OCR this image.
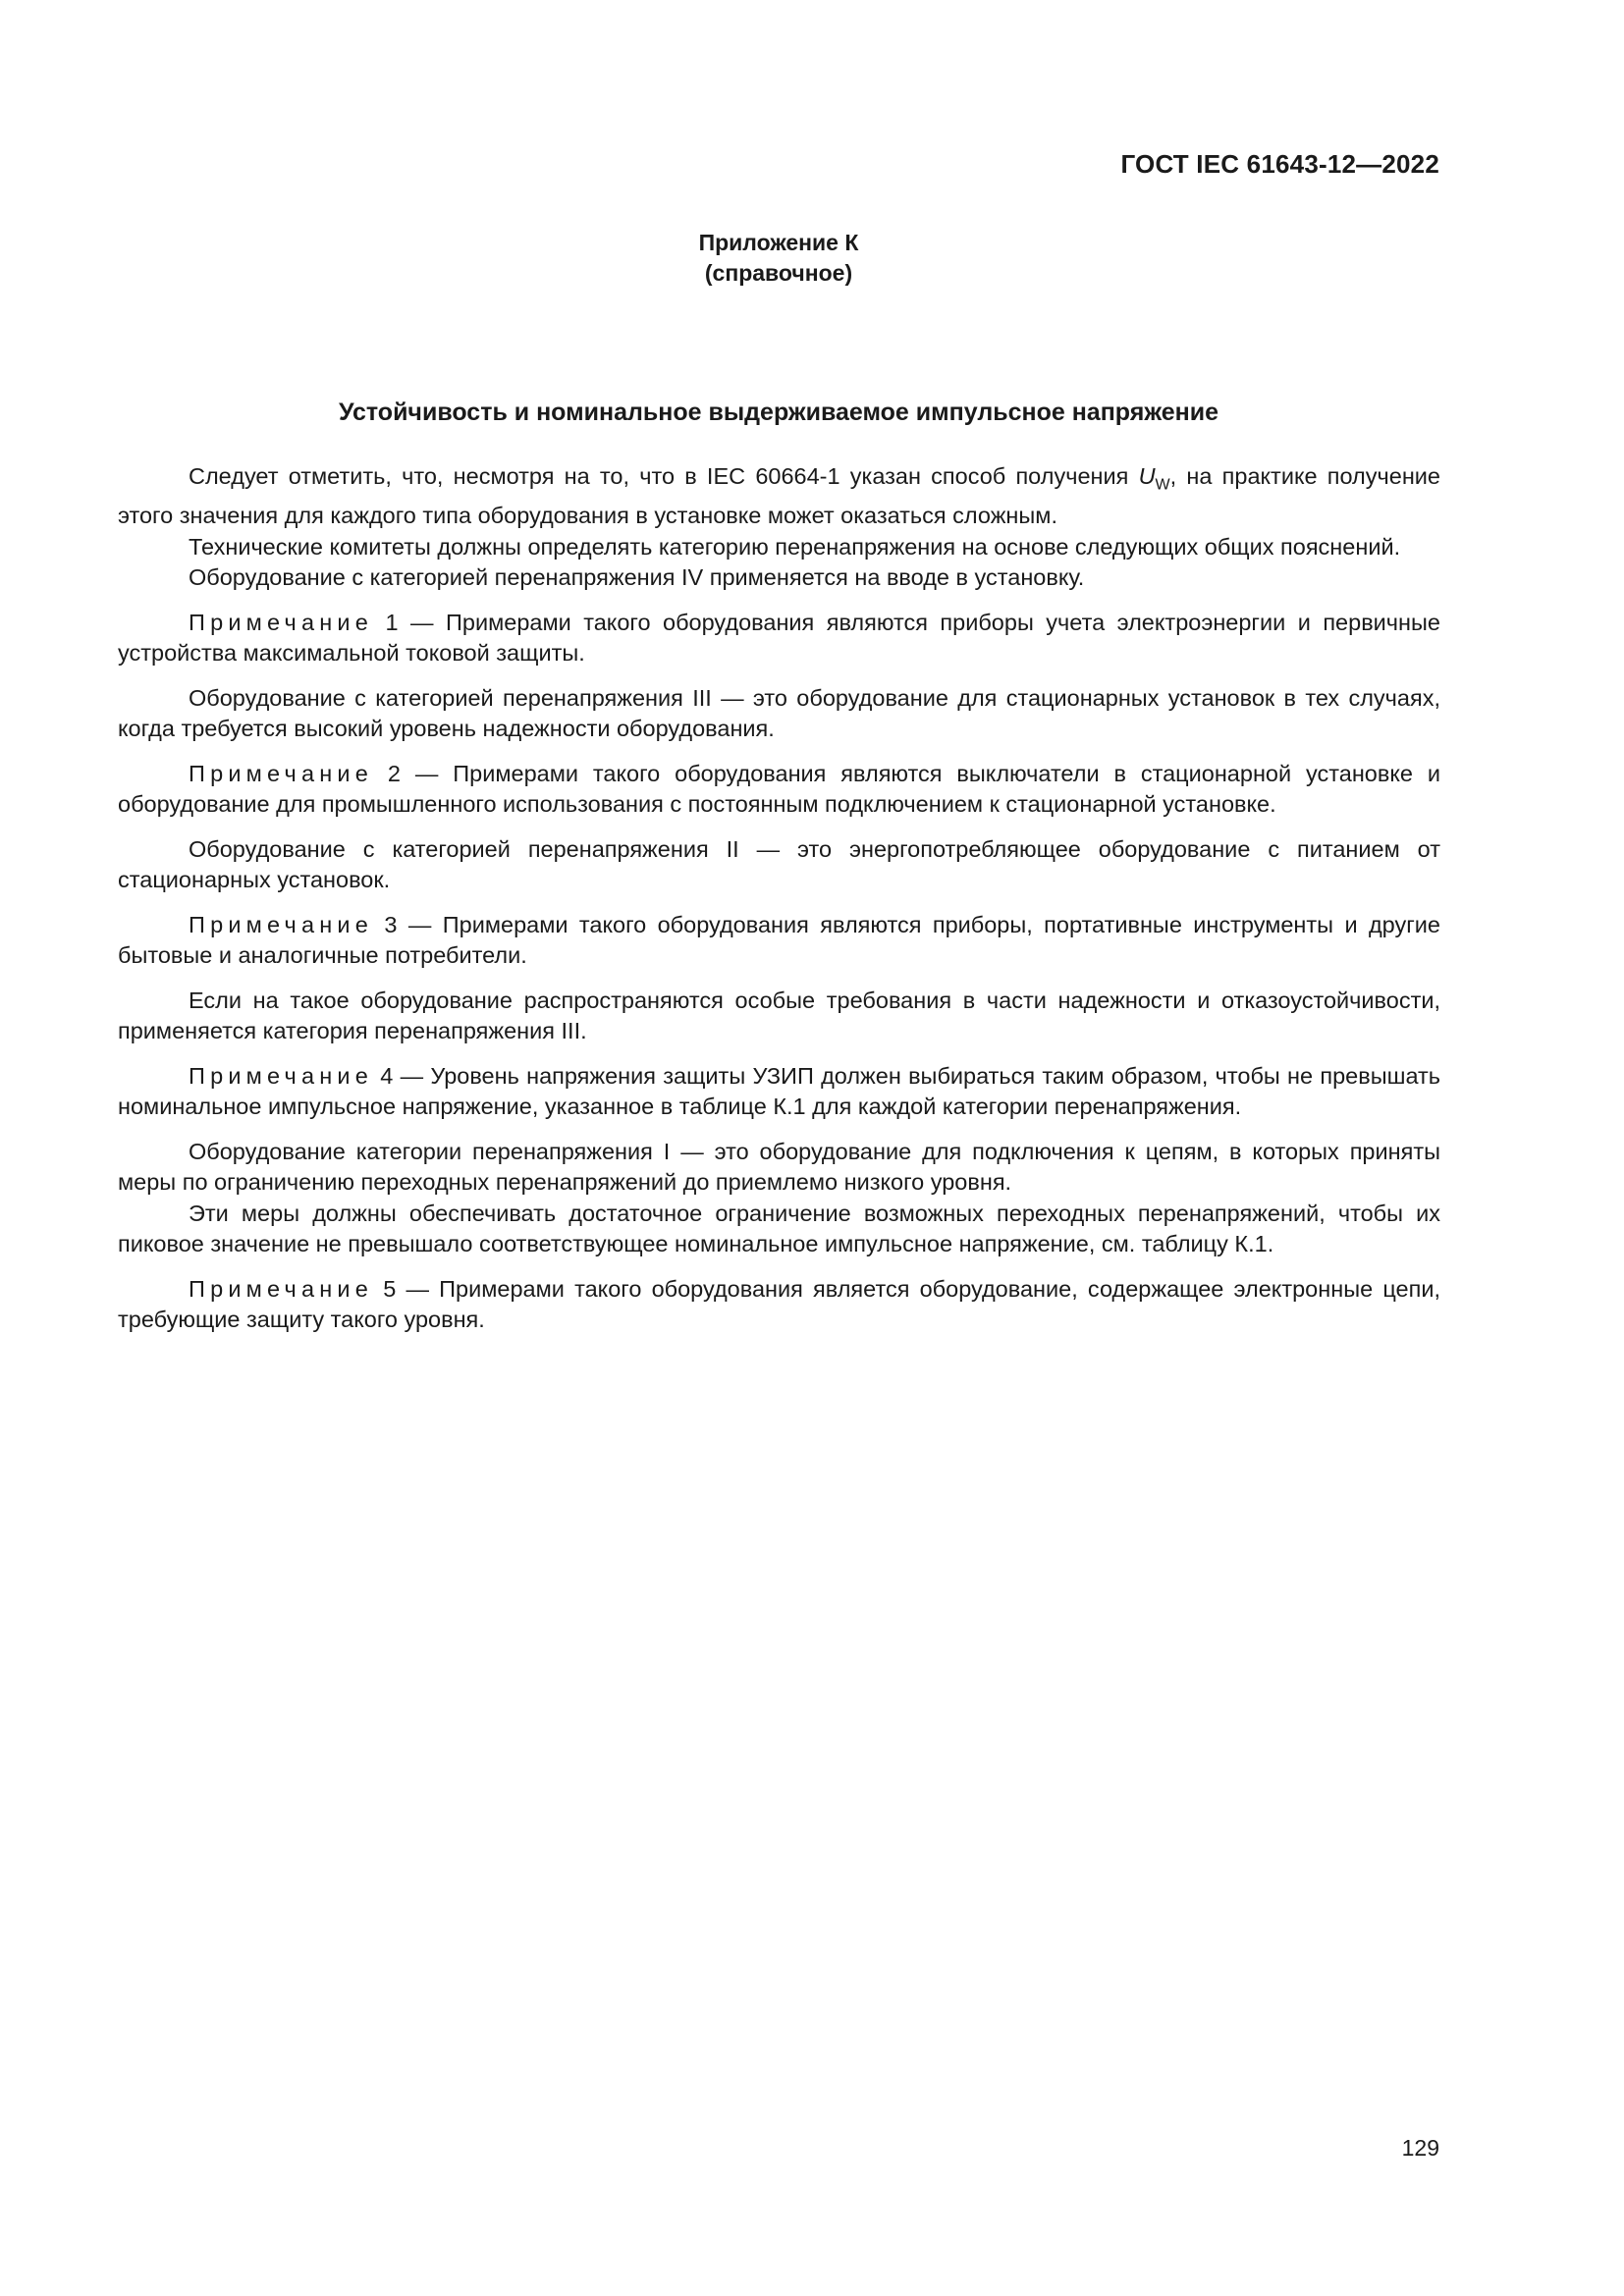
ГОСТ IEC 61643-12—2022
Приложение К
(справочное)
Устойчивость и номинальное выдерживаемое импульсное напряжение

Следует отметить, что, несмотря на то, что в IEC 60664-1 указан способ получения $U_W$, на практике получение этого значения для каждого типа оборудования в установке может оказаться сложным.

Технические комитеты должны определять категорию перенапряжения на основе следующих общих пояснений.

Оборудование с категорией перенапряжения IV применяется на вводе в установку.

Примечание 1 — Примерами такого оборудования являются приборы учета электроэнергии и первичные устройства максимальной токовой защиты.

Оборудование с категорией перенапряжения III — это оборудование для стационарных установок в тех случаях, когда требуется высокий уровень надежности оборудования.

Примечание 2 — Примерами такого оборудования являются выключатели в стационарной установке и оборудование для промышленного использования с постоянным подключением к стационарной установке.

Оборудование с категорией перенапряжения II — это энергопотребляющее оборудование с питанием от стационарных установок.

Примечание 3 — Примерами такого оборудования являются приборы, портативные инструменты и другие бытовые и аналогичные потребители.

Если на такое оборудование распространяются особые требования в части надежности и отказоустойчивости, применяется категория перенапряжения III.

Примечание 4 — Уровень напряжения защиты УЗИП должен выбираться таким образом, чтобы не превышать номинальное импульсное напряжение, указанное в таблице К.1 для каждой категории перенапряжения.

Оборудование категории перенапряжения I — это оборудование для подключения к цепям, в которых приняты меры по ограничению переходных перенапряжений до приемлемо низкого уровня.

Эти меры должны обеспечивать достаточное ограничение возможных переходных перенапряжений, чтобы их пиковое значение не превышало соответствующее номинальное импульсное напряжение, см. таблицу К.1.

Примечание 5 — Примерами такого оборудования является оборудование, содержащее электронные цепи, требующие защиту такого уровня.

129
